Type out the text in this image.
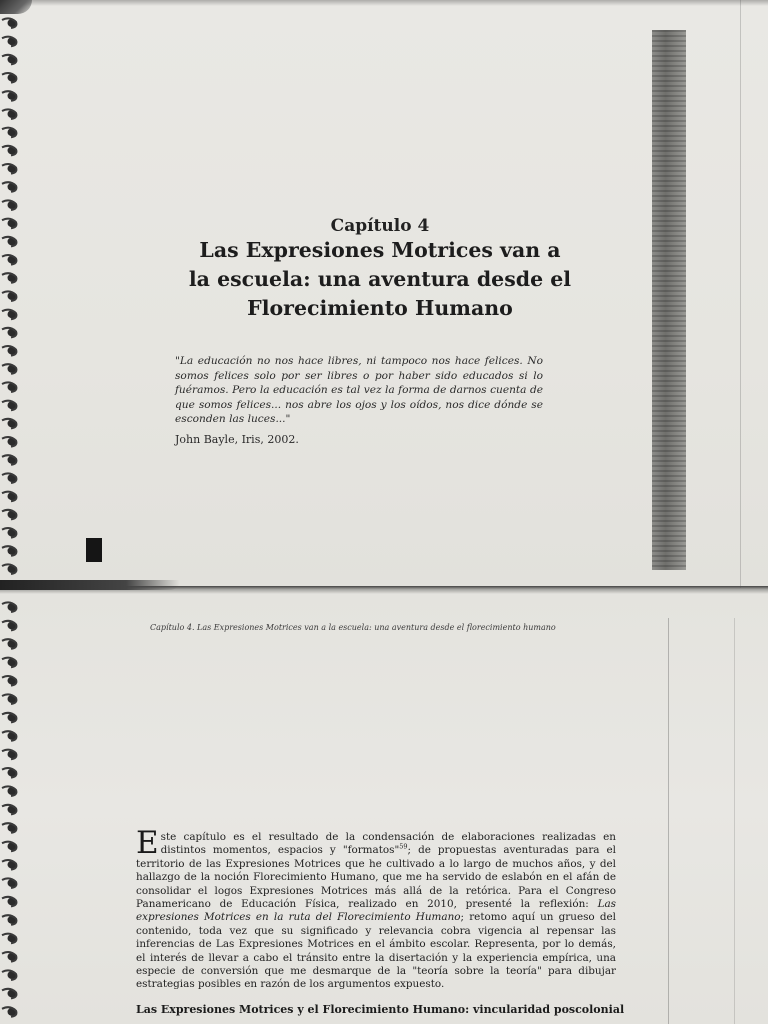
Capítulo 4
Las Expresiones Motrices van a
la escuela: una aventura desde el
Florecimiento Humano
"La educación no nos hace libres, ni tampoco nos hace felices. No somos felices solo por ser libres o por haber sido educados si lo fuéramos. Pero la educación es tal vez la forma de darnos cuenta de que somos felices... nos abre los ojos y los oídos, nos dice dónde se esconden las luces..."
John Bayle, Iris, 2002.
Capítulo 4. Las Expresiones Motrices van a la escuela: una aventura desde el florecimiento humano
Este capítulo es el resultado de la condensación de elaboraciones realizadas en distintos momentos, espacios y "formatos"$^{59}$; de propuestas aventuradas para el territorio de las Expresiones Motrices que he cultivado a lo largo de muchos años, y del hallazgo de la noción Florecimiento Humano, que me ha servido de eslabón en el afán de consolidar el logos Expresiones Motrices más allá de la retórica. Para el Congreso Panamericano de Educación Física, realizado en 2010, presenté la reflexión: Las expresiones Motrices en la ruta del Florecimiento Humano; retomo aquí un grueso del contenido, toda vez que su significado y relevancia cobra vigencia al repensar las inferencias de Las Expresiones Motrices en el ámbito escolar. Representa, por lo demás, el interés de llevar a cabo el tránsito entre la disertación y la experiencia empírica, una especie de conversión que me desmarque de la "teoría sobre la teoría" para dibujar estrategias posibles en razón de los argumentos expuesto.
Las Expresiones Motrices y el Florecimiento Humano: vincularidad poscolonial
